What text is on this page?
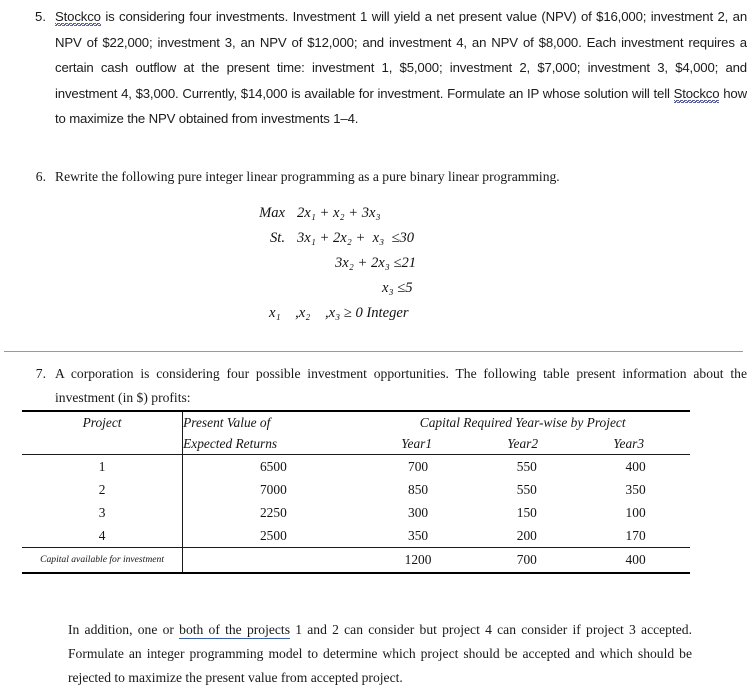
5. Stockco is considering four investments. Investment 1 will yield a net present value (NPV) of $16,000; investment 2, an NPV of $22,000; investment 3, an NPV of $12,000; and investment 4, an NPV of $8,000. Each investment requires a certain cash outflow at the present time: investment 1, $5,000; investment 2, $7,000; investment 3, $4,000; and investment 4, $3,000. Currently, $14,000 is available for investment. Formulate an IP whose solution will tell Stockco how to maximize the NPV obtained from investments 1–4.

6. Rewrite the following pure integer linear programming as a pure binary linear programming.
Max 2x₁ + x₂ + 3x₃
St. 3x₁ + 2x₂ +  x₃  ≤30
3x₂ + 2x₃ ≤21
x₃ ≤5
x₁    ,x₂    ,x₃ ≥ 0 Integer
7. A corporation is considering four possible investment opportunities. The following table present information about the investment (in $) profits:

Project	Present Value of
Expected Returns

Capital Required Year-wise by Project
Year1	Year2	Year3

1	6500	700	550	400
2	7000	850	550	350
3	2250	300	150	100
4	2500	350	200	170
Capital available for investment		1200	700	400

In addition, one or both of the projects 1 and 2 can consider but project 4 can consider if project 3 accepted. Formulate an integer programming model to determine which project should be accepted and which should be rejected to maximize the present value from accepted project.
